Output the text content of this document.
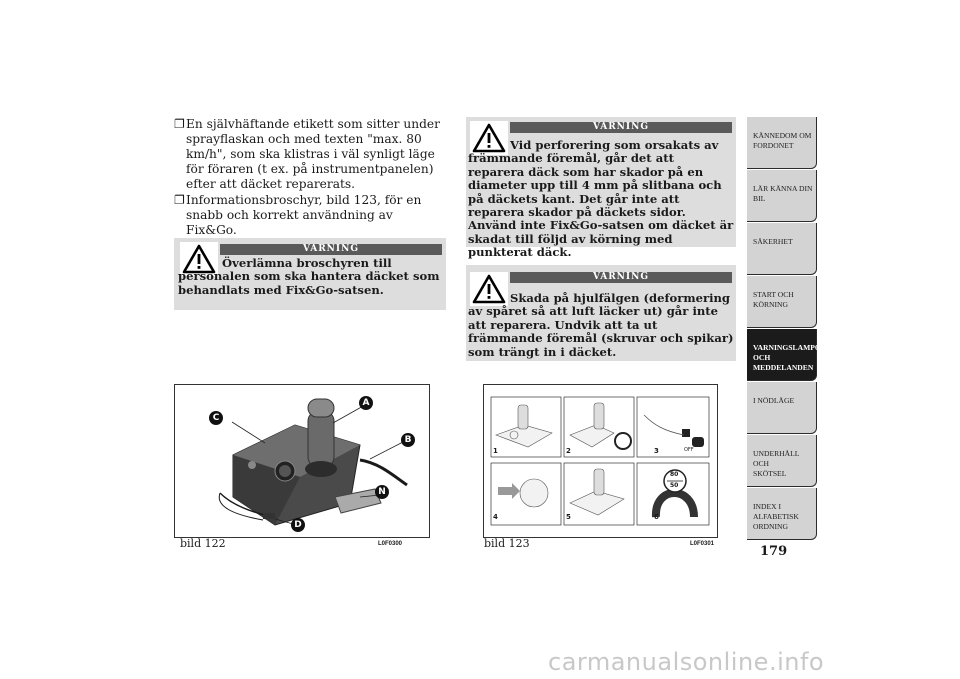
❐ En självhäftande etikett som sitter under sprayflaskan och med texten "max. 80 km/h", som ska klistras i väl synligt läge för föraren (t ex. på instrumentpanelen) efter att däcket reparerats.
❐ Informationsbroschyr, bild 123, för en snabb och korrekt användning av Fix&Go.
VARNING
Överlämna broschyren till personalen som ska hantera däcket som behandlats med Fix&Go-satsen.
VARNING
Vid perforering som orsakats av främmande föremål, går det att reparera däck som har skador på en diameter upp till 4 mm på slitbana och på däckets kant. Det går inte att reparera skador på däckets sidor. Använd inte Fix&Go-satsen om däcket är skadat till följd av körning med punkterat däck.
VARNING
Skada på hjulfälgen (deformering av spåret så att luft läcker ut) går inte att reparera. Undvik att ta ut främmande föremål (skruvar och spikar) som trängt in i däcket.
A
B
C
D
N
bild 122	L0F0300
1	2	3
4	5	6
OFF
80
50
bild 123	L0F0301
KÄNNEDOM OM
FORDONET
LÄR KÄNNA DIN
BIL
SÄKERHET
START OCH
KÖRNING
VARNINGSLAMPOR
OCH
MEDDELANDEN
I NÖDLÄGE
UNDERHÅLL OCH
SKÖTSEL
INDEX I
ALFABETISK
ORDNING
179
carmanualsonline.info
